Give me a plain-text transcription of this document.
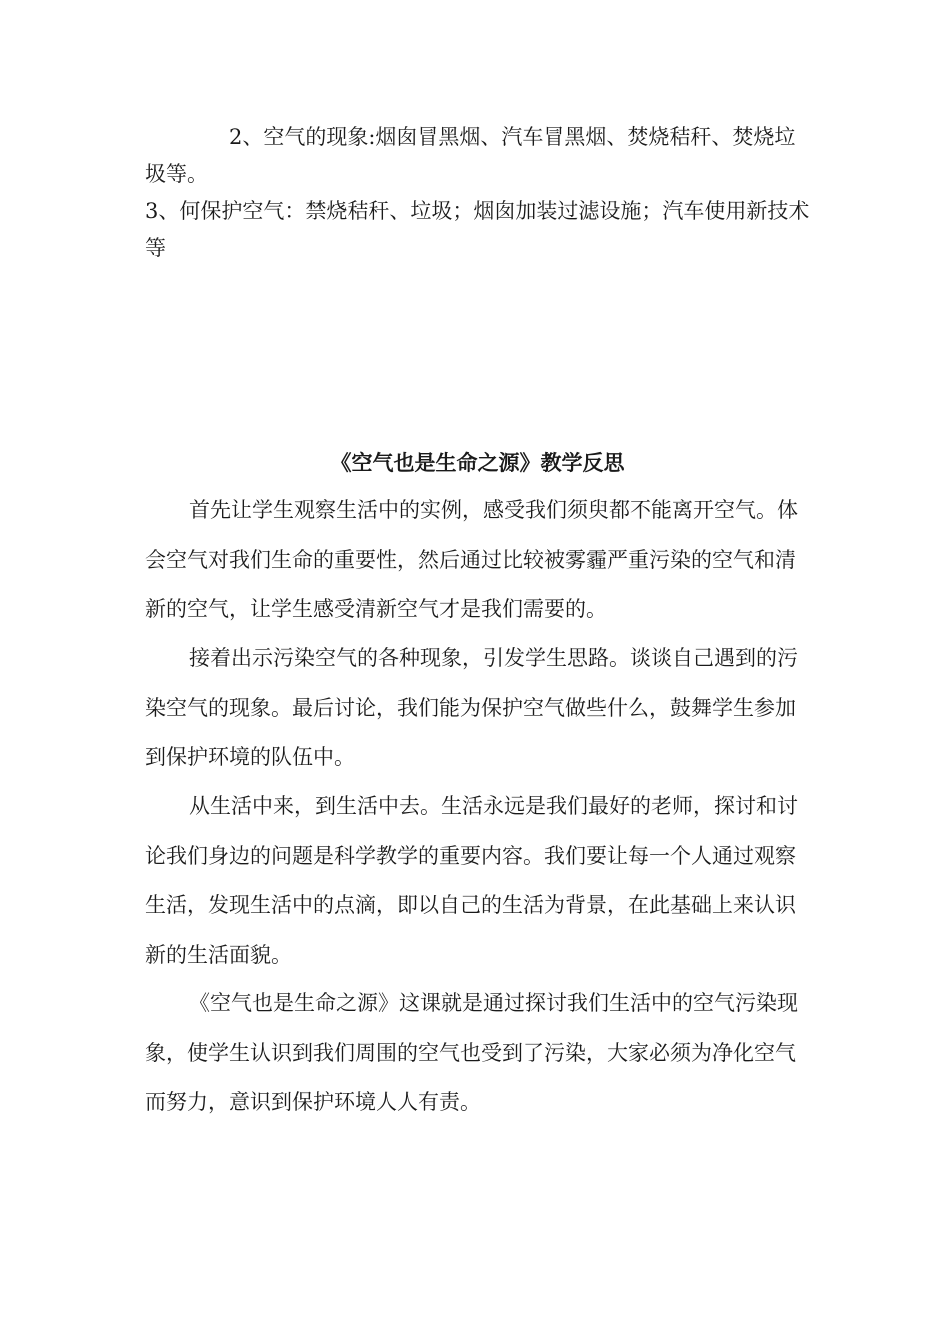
2、空气的现象:烟囱冒黑烟、汽车冒黑烟、焚烧秸秆、焚烧垃圾等。

3、何保护空气：禁烧秸秆、垃圾；烟囱加装过滤设施；汽车使用新技术等

《空气也是生命之源》教学反思

首先让学生观察生活中的实例，感受我们须臾都不能离开空气。体会空气对我们生命的重要性，然后通过比较被雾霾严重污染的空气和清新的空气，让学生感受清新空气才是我们需要的。

接着出示污染空气的各种现象，引发学生思路。谈谈自己遇到的污染空气的现象。最后讨论，我们能为保护空气做些什么，鼓舞学生参加到保护环境的队伍中。

从生活中来，到生活中去。生活永远是我们最好的老师，探讨和讨论我们身边的问题是科学教学的重要内容。我们要让每一个人通过观察生活，发现生活中的点滴，即以自己的生活为背景，在此基础上来认识新的生活面貌。

《空气也是生命之源》这课就是通过探讨我们生活中的空气污染现象，使学生认识到我们周围的空气也受到了污染，大家必须为净化空气而努力，意识到保护环境人人有责。
